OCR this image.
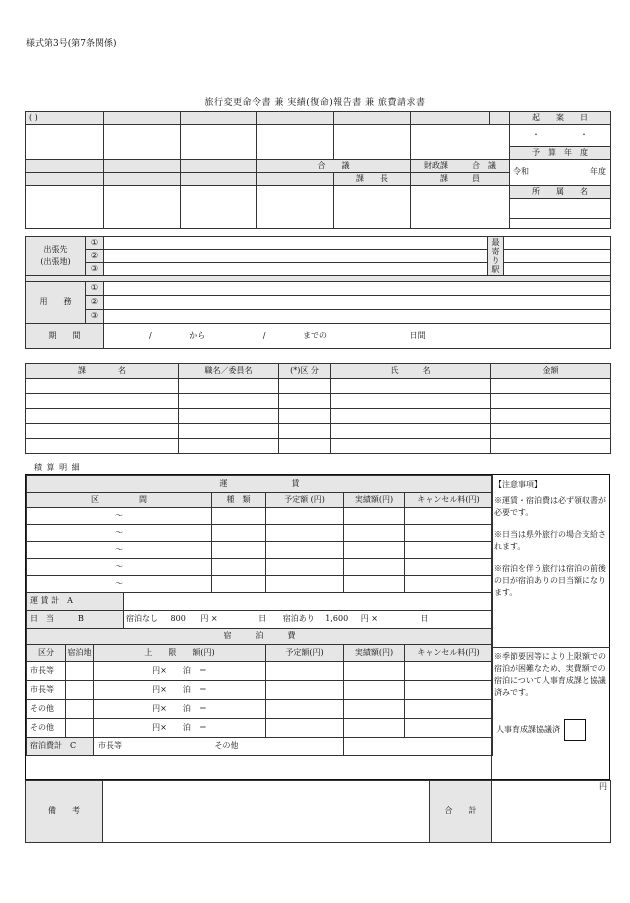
様式第3号(第7条関係)
旅行変更命令書 兼 実績(復命)報告書 兼 旅費請求書
( )							起　　案　　日
							・　　　　　・
							予　算　年　度
			合　　議		財政課　　　合　議		令和 年度

				課　　長	課　　　員		
							所　　属　　名

出張先
(出張地)	①		最寄り駅	
	②			
	③			

用　　務	①			
	②			
	③			
期　　間		/ から / までの 日間		
課　　　　名	職名／委員名	(*)区 分	氏　　　名	金額

積 算 明 細
運　　　　　　　　賃							
区　　　　　間				種　類	予定額 (円)	実績額(円)	キャンセル料(円)
～							
～							
～							
～							
～							
運 賃 計　A							
日　当　　　B			宿泊なし 800 円 × 日 宿泊あり 1,600 円 × 日				
宿　　　泊　　　費							
区分	宿泊地	上　　限　　額(円)			予定額(円)	実績額(円)	キャンセル料(円)
市長等		円×　　泊　＝					
市長等		円×　　泊　＝					
その他		円×　　泊　＝					
その他		円×　　泊　＝					
宿泊費計　C		市長等 その他					
【注意事項】
※運賃・宿泊費は必ず領収書が必要です。
※日当は県外旅行の場合支給されます。
※宿泊を伴う旅行は宿泊の前後の日が宿泊ありの日当額になります。
※季節要因等により上限額での宿泊が困難なため、実費額での宿泊について人事育成課と協議済みです。
人事育成課協議済
備　　考		合　　計	円
